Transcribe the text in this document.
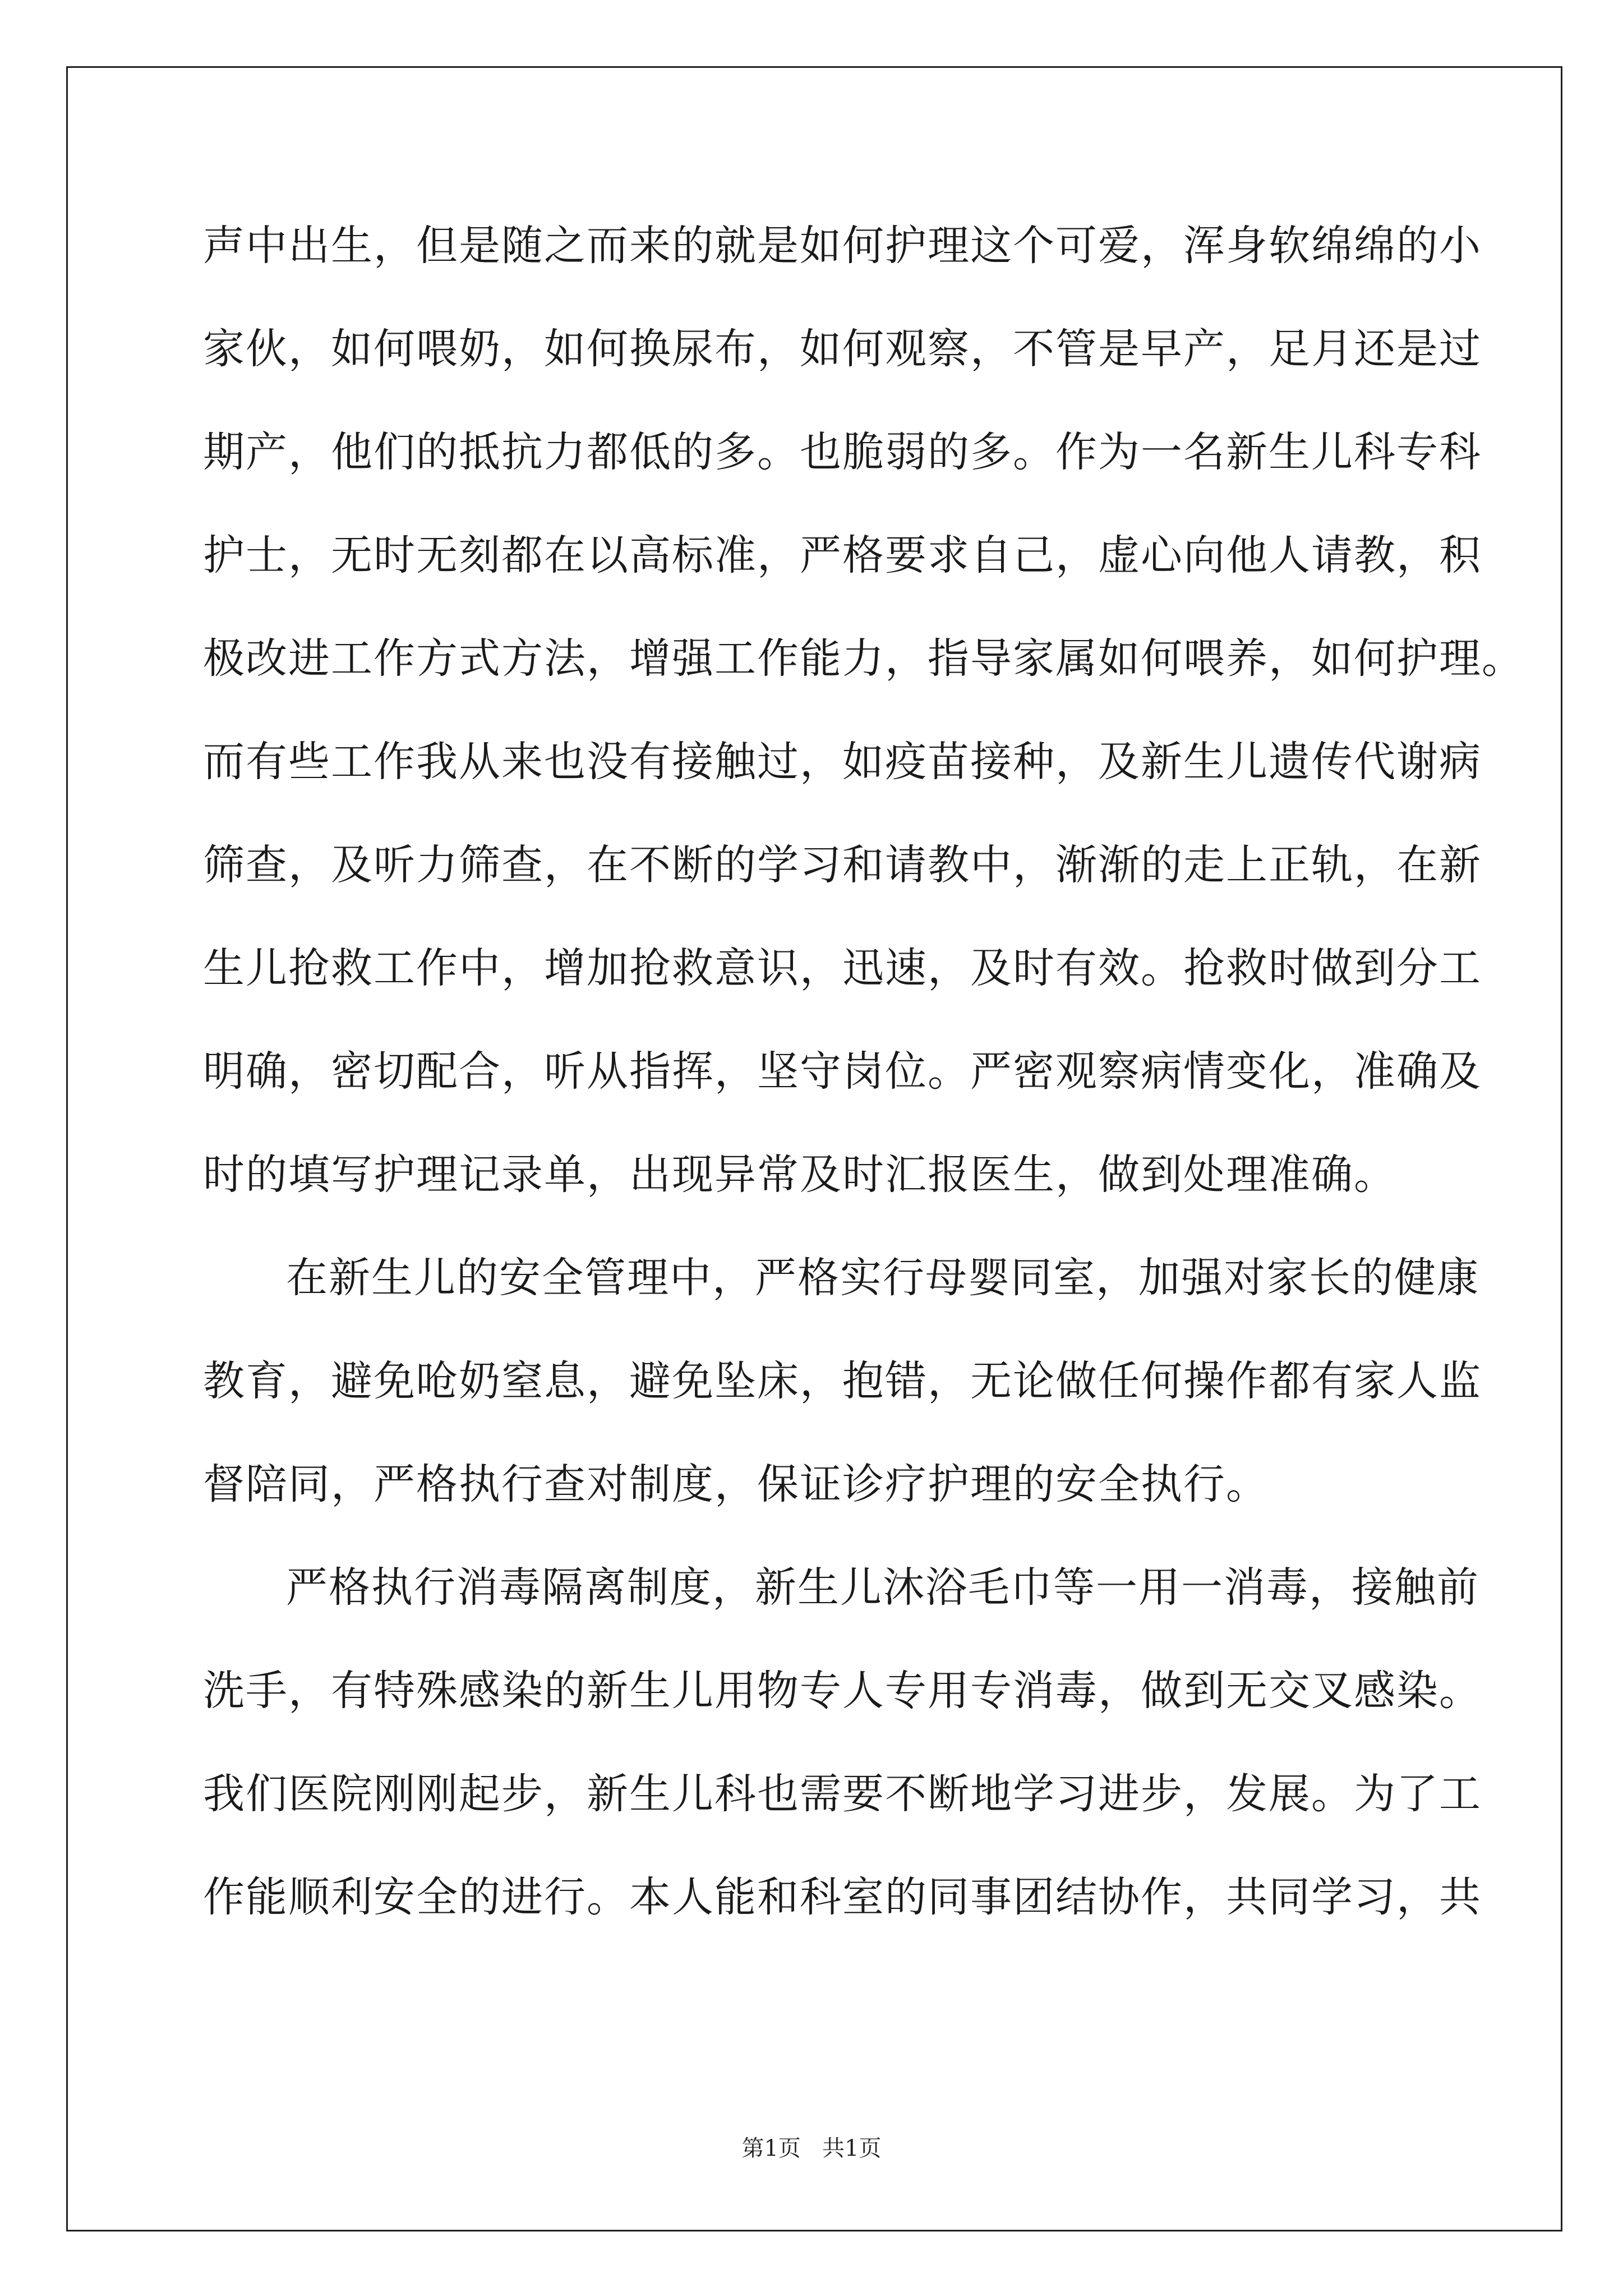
声中出生，但是随之而来的就是如何护理这个可爱，浑身软绵绵的小
家伙，如何喂奶，如何换尿布，如何观察，不管是早产，足月还是过
期产，他们的抵抗力都低的多。也脆弱的多。作为一名新生儿科专科
护士，无时无刻都在以高标准，严格要求自己，虚心向他人请教，积
极改进工作方式方法，增强工作能力，指导家属如何喂养，如何护理。
而有些工作我从来也没有接触过，如疫苗接种，及新生儿遗传代谢病
筛查，及听力筛查，在不断的学习和请教中，渐渐的走上正轨，在新
生儿抢救工作中，增加抢救意识，迅速，及时有效。抢救时做到分工
明确，密切配合，听从指挥，坚守岗位。严密观察病情变化，准确及
时的填写护理记录单，出现异常及时汇报医生，做到处理准确。
在新生儿的安全管理中，严格实行母婴同室，加强对家长的健康
教育，避免呛奶窒息，避免坠床，抱错，无论做任何操作都有家人监
督陪同，严格执行查对制度，保证诊疗护理的安全执行。
严格执行消毒隔离制度，新生儿沐浴毛巾等一用一消毒，接触前
洗手，有特殊感染的新生儿用物专人专用专消毒，做到无交叉感染。
我们医院刚刚起步，新生儿科也需要不断地学习进步，发展。为了工
作能顺利安全的进行。本人能和科室的同事团结协作，共同学习，共
第1页   共1页
